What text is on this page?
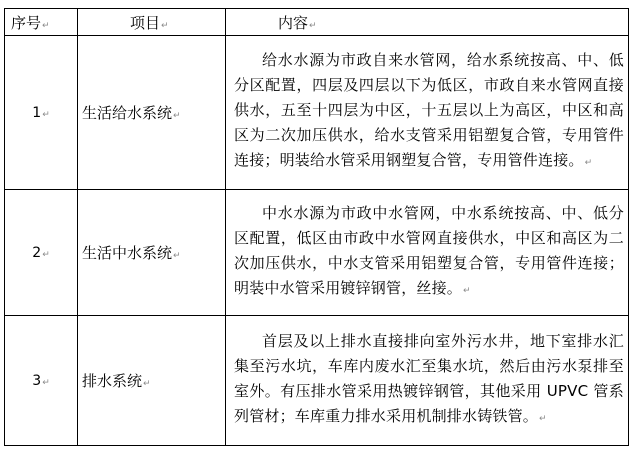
序号↵	项目↵	内容↵
1↵	生活给水系统↵	给水水源为市政自来水管网，给水系统按高、中、低分区配置，四层及四层以下为低区，市政自来水管网直接供水，五至十四层为中区，十五层以上为高区，中区和高区为二次加压供水，给水支管采用铝塑复合管，专用管件连接；明装给水管采用钢塑复合管，专用管件连接。↵
2↵	生活中水系统↵	中水水源为市政中水管网，中水系统按高、中、低分区配置，低区由市政中水管网直接供水，中区和高区为二次加压供水，中水支管采用铝塑复合管，专用管件连接；明装中水管采用镀锌钢管，丝接。↵
3↵	排水系统↵	首层及以上排水直接排向室外污水井，地下室排水汇集至污水坑，车库内废水汇至集水坑，然后由污水泵排至室外。有压排水管采用热镀锌钢管，其他采用 UPVC 管系列管材；车库重力排水采用机制排水铸铁管。↵
